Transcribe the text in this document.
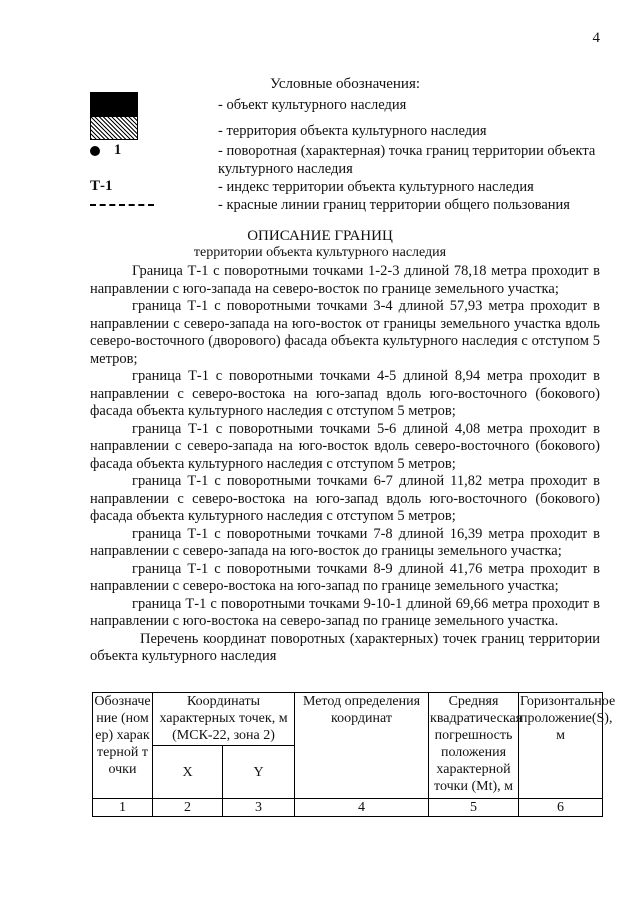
4
Условные обозначения:
- объект культурного наследия
- территория объекта культурного наследия
1	- поворотная (характерная) точка границ территории объекта культурного наследия
Т-1	- индекс территории объекта культурного наследия
- красные линии границ территории общего пользования
ОПИСАНИЕ ГРАНИЦ
территории объекта культурного наследия

Граница Т-1 с поворотными точками 1-2-3 длиной 78,18 метра проходит в направлении с юго-запада на северо-восток по границе земельного участка;

граница Т-1 с поворотными точками 3-4 длиной 57,93 метра проходит в направлении с северо-запада на юго-восток от границы земельного участка вдоль северо-восточного (дворового) фасада объекта культурного наследия с отступом 5 метров;

граница Т-1 с поворотными точками 4-5 длиной 8,94 метра проходит в направлении с северо-востока на юго-запад вдоль юго-восточного (бокового) фасада объекта культурного наследия с отступом 5 метров;

граница Т-1 с поворотными точками 5-6 длиной 4,08 метра проходит в направлении с северо-запада на юго-восток вдоль северо-восточного (бокового) фасада объекта культурного наследия с отступом 5 метров;

граница Т-1 с поворотными точками 6-7 длиной 11,82 метра проходит в направлении с северо-востока на юго-запад вдоль юго-восточного (бокового) фасада объекта культурного наследия с отступом 5 метров;

граница Т-1 с поворотными точками 7-8 длиной 16,39 метра проходит в направлении с северо-запада на юго-восток до границы земельного участка;

граница Т-1 с поворотными точками 8-9 длиной 41,76 метра проходит в направлении с северо-востока на юго-запад по границе земельного участка;

граница Т-1 с поворотными точками 9-10-1 длиной 69,66 метра проходит в направлении с юго-востока на северо-запад по границе земельного участка.

Перечень координат поворотных (характерных) точек границ территории объекта культурного наследия

Обозначение (номер) характерной точки	Координаты характерных точек, м (МСК-22, зона 2)		Метод определения координат	Средняя квадратическая погрешность положения характерной точки (Mt), м	Горизонтальное проложение(S), м
	X	Y			
1	2	3	4	5	6
